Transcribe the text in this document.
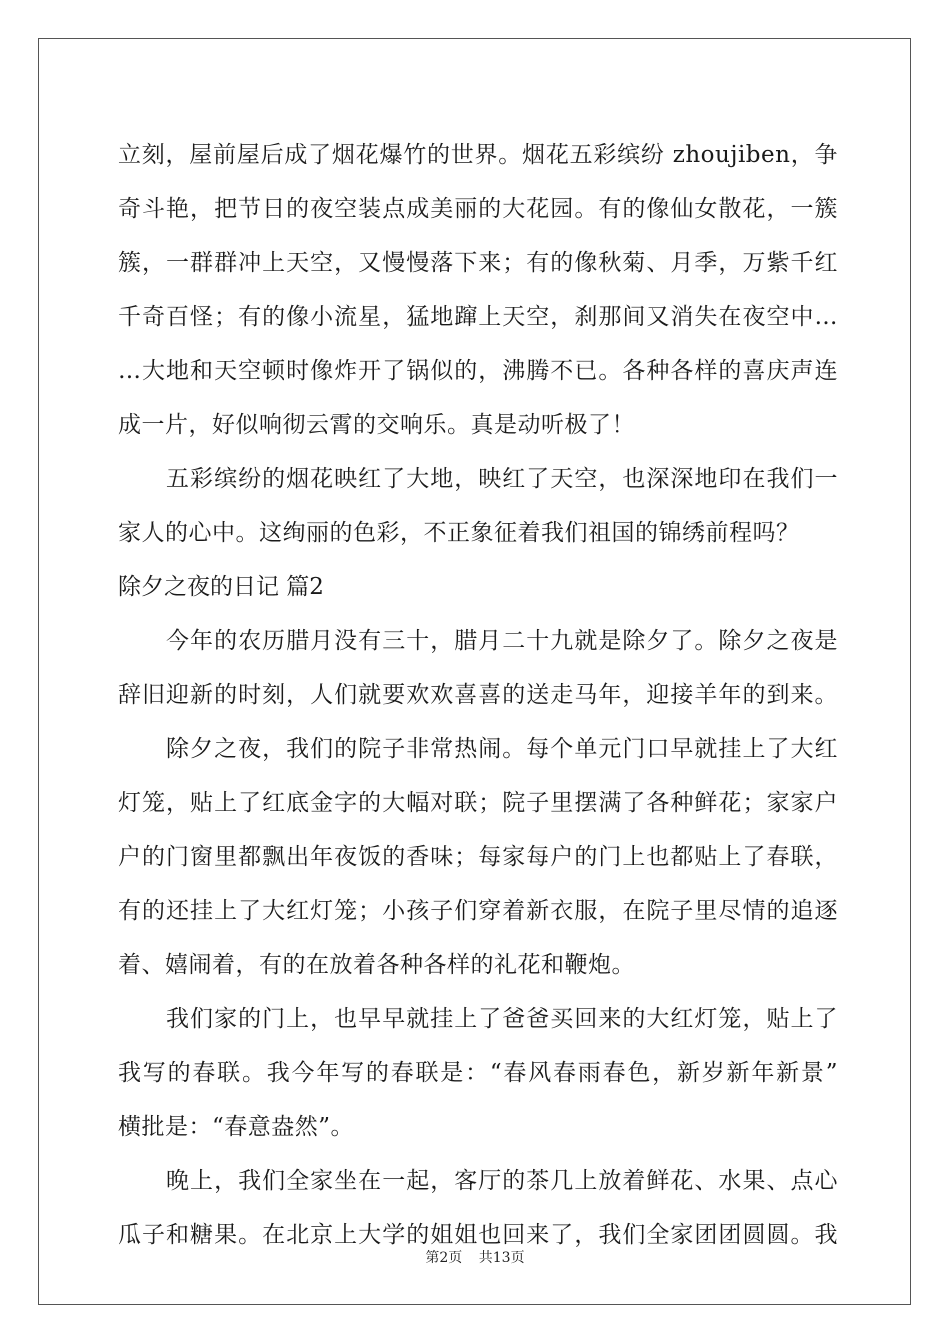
立刻，屋前屋后成了烟花爆竹的世界。烟花五彩缤纷 zhoujiben，争
奇斗艳，把节日的夜空装点成美丽的大花园。有的像仙女散花，一簇
簇，一群群冲上天空，又慢慢落下来；有的像秋菊、月季，万紫千红
千奇百怪；有的像小流星，猛地蹿上天空，刹那间又消失在夜空中…
…大地和天空顿时像炸开了锅似的，沸腾不已。各种各样的喜庆声连
成一片，好似响彻云霄的交响乐。真是动听极了！
　　五彩缤纷的烟花映红了大地，映红了天空，也深深地印在我们一
家人的心中。这绚丽的色彩，不正象征着我们祖国的锦绣前程吗？
除夕之夜的日记 篇2
　　今年的农历腊月没有三十，腊月二十九就是除夕了。除夕之夜是
辞旧迎新的时刻，人们就要欢欢喜喜的送走马年，迎接羊年的到来。
　　除夕之夜，我们的院子非常热闹。每个单元门口早就挂上了大红
灯笼，贴上了红底金字的大幅对联；院子里摆满了各种鲜花；家家户
户的门窗里都飘出年夜饭的香味；每家每户的门上也都贴上了春联，
有的还挂上了大红灯笼；小孩子们穿着新衣服，在院子里尽情的追逐
着、嬉闹着，有的在放着各种各样的礼花和鞭炮。
　　我们家的门上，也早早就挂上了爸爸买回来的大红灯笼，贴上了
我写的春联。我今年写的春联是：“春风春雨春色，新岁新年新景”
横批是：“春意盎然”。
　　晚上，我们全家坐在一起，客厅的茶几上放着鲜花、水果、点心
瓜子和糖果。在北京上大学的姐姐也回来了，我们全家团团圆圆。我
第2页 共13页
